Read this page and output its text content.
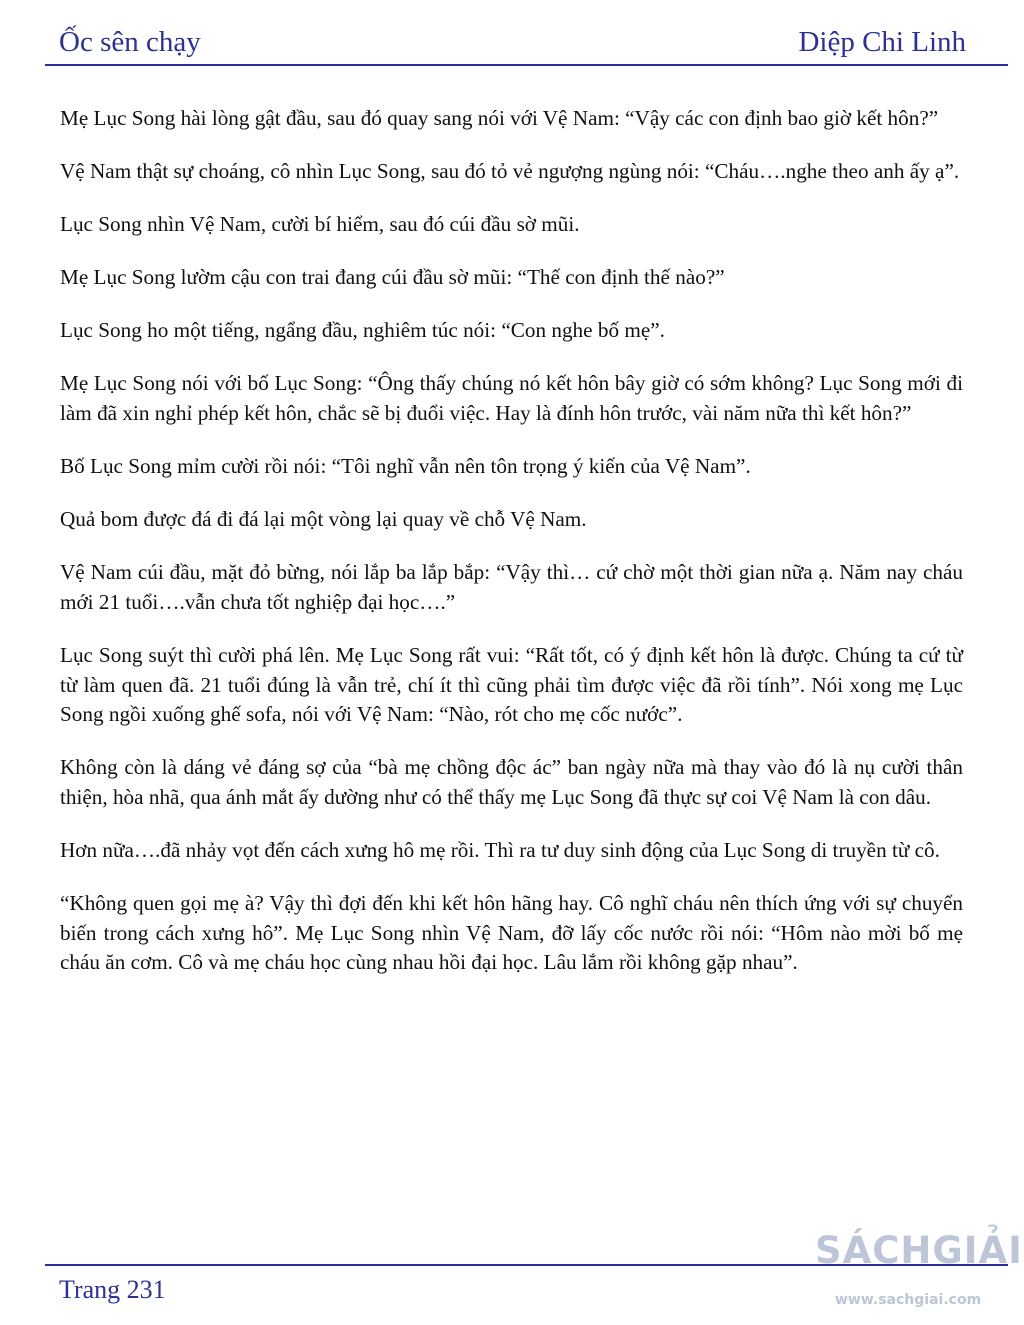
Ốc sên chạy	Diệp Chi Linh

Mẹ Lục Song hài lòng gật đầu, sau đó quay sang nói với Vệ Nam: “Vậy các con định bao giờ kết hôn?”

Vệ Nam thật sự choáng, cô nhìn Lục Song, sau đó tỏ vẻ ngượng ngùng nói: “Cháu….nghe theo anh ấy ạ”.

Lục Song nhìn Vệ Nam, cười bí hiểm, sau đó cúi đầu sờ mũi.

Mẹ Lục Song lườm cậu con trai đang cúi đầu sờ mũi: “Thế con định thế nào?”

Lục Song ho một tiếng, ngẩng đầu, nghiêm túc nói: “Con nghe bố mẹ”.

Mẹ Lục Song nói với bố Lục Song: “Ông thấy chúng nó kết hôn bây giờ có sớm không? Lục Song mới đi làm đã xin nghỉ phép kết hôn, chắc sẽ bị đuổi việc. Hay là đính hôn trước, vài năm nữa thì kết hôn?”

Bố Lục Song mỉm cười rồi nói: “Tôi nghĩ vẫn nên tôn trọng ý kiến của Vệ Nam”.

Quả bom được đá đi đá lại một vòng lại quay về chỗ Vệ Nam.

Vệ Nam cúi đầu, mặt đỏ bừng, nói lắp ba lắp bắp: “Vậy thì… cứ chờ một thời gian nữa ạ. Năm nay cháu mới 21 tuổi….vẫn chưa tốt nghiệp đại học….”

Lục Song suýt thì cười phá lên. Mẹ Lục Song rất vui: “Rất tốt, có ý định kết hôn là được. Chúng ta cứ từ từ làm quen đã. 21 tuổi đúng là vẫn trẻ, chí ít thì cũng phải tìm được việc đã rồi tính”. Nói xong mẹ Lục Song ngồi xuống ghế sofa, nói với Vệ Nam: “Nào, rót cho mẹ cốc nước”.

Không còn là dáng vẻ đáng sợ của “bà mẹ chồng độc ác” ban ngày nữa mà thay vào đó là nụ cười thân thiện, hòa nhã, qua ánh mắt ấy dường như có thể thấy mẹ Lục Song đã thực sự coi Vệ Nam là con dâu.

Hơn nữa….đã nhảy vọt đến cách xưng hô mẹ rồi. Thì ra tư duy sinh động của Lục Song di truyền từ cô.

“Không quen gọi mẹ à? Vậy thì đợi đến khi kết hôn hãng hay. Cô nghĩ cháu nên thích ứng với sự chuyển biến trong cách xưng hô”. Mẹ Lục Song nhìn Vệ Nam, đỡ lấy cốc nước rồi nói: “Hôm nào mời bố mẹ cháu ăn cơm. Cô và mẹ cháu học cùng nhau hồi đại học. Lâu lắm rồi không gặp nhau”.

Trang 231
SÁCHGIẢI
www.sachgiai.com
